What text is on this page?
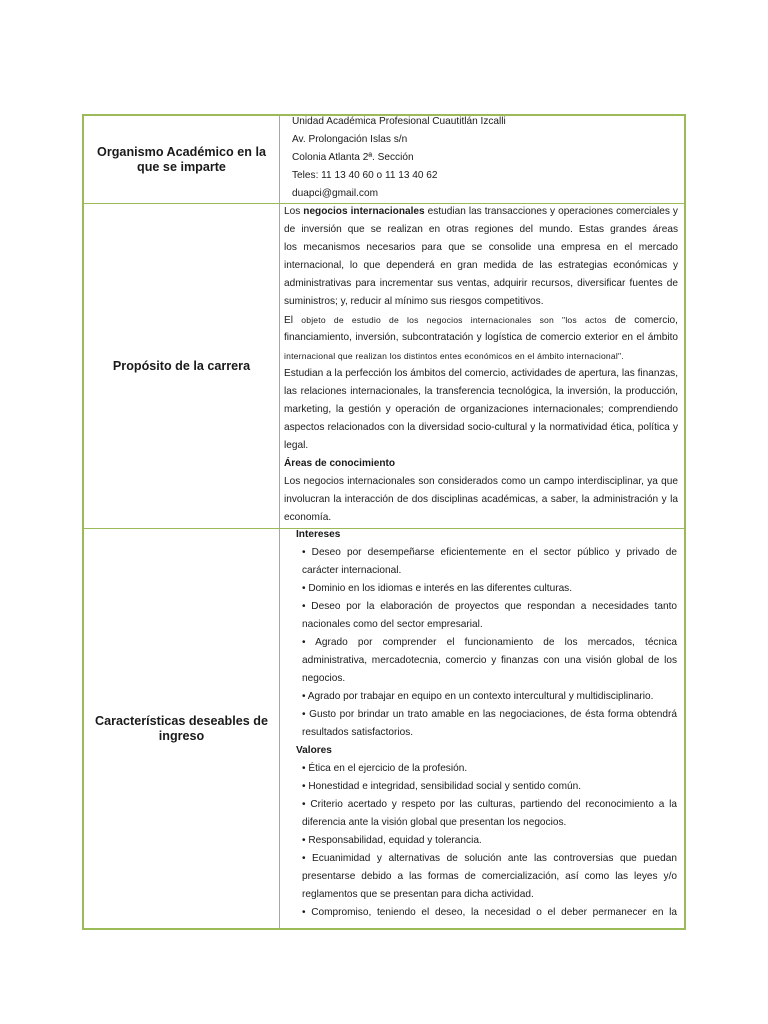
Organismo Académico en la que se imparte
Unidad Académica Profesional Cuautitlán Izcalli
Av. Prolongación Islas s/n
Colonia Atlanta 2ª. Sección
Teles: 11 13 40 60 o 11 13 40 62
duapci@gmail.com
Propósito de la carrera
Los negocios internacionales estudian las transacciones y operaciones comerciales y
de inversión que se realizan en otras regiones del mundo. Estas grandes áreas
los mecanismos necesarios para que se consolide una empresa en el mercado
internacional, lo que dependerá en gran medida de las estrategias económicas y
administrativas para incrementar sus ventas, adquirir recursos, diversificar fuentes de
suministros; y, reducir al mínimo sus riesgos competitivos.
El objeto de estudio de los negocios internacionales son "los actos de comercio,
financiamiento, inversión, subcontratación y logística de comercio exterior en el ámbito
internacional que realizan los distintos entes económicos en el ámbito internacional".
Estudian a la perfección los ámbitos del comercio, actividades de apertura, las finanzas,
las relaciones internacionales, la transferencia tecnológica, la inversión, la producción,
marketing, la gestión y operación de organizaciones internacionales; comprendiendo
aspectos relacionados con la diversidad socio-cultural y la normatividad ética, política y
legal.
Áreas de conocimiento
Los negocios internacionales son considerados como un campo interdisciplinar, ya que
involucran la interacción de dos disciplinas académicas, a saber, la administración y la
economía.
Características deseables de ingreso
Intereses
• Deseo por desempeñarse eficientemente en el sector público y privado de
carácter internacional.
• Dominio en los idiomas e interés en las diferentes culturas.
• Deseo por la elaboración de proyectos que respondan a necesidades tanto
nacionales como del sector empresarial.
• Agrado por comprender el funcionamiento de los mercados, técnica
administrativa, mercadotecnia, comercio y finanzas con una visión global de los
negocios.
• Agrado por trabajar en equipo en un contexto intercultural y multidisciplinario.
• Gusto por brindar un trato amable en las negociaciones, de ésta forma obtendrá
resultados satisfactorios.
Valores
• Ética en el ejercicio de la profesión.
• Honestidad e integridad, sensibilidad social y sentido común.
• Criterio acertado y respeto por las culturas, partiendo del reconocimiento a la
diferencia ante la visión global que presentan los negocios.
• Responsabilidad, equidad y tolerancia.
• Ecuanimidad y alternativas de solución ante las controversias que puedan
presentarse debido a las formas de comercialización, así como las leyes y/o
reglamentos que se presentan para dicha actividad.
• Compromiso, teniendo el deseo, la necesidad o el deber permanecer en la
